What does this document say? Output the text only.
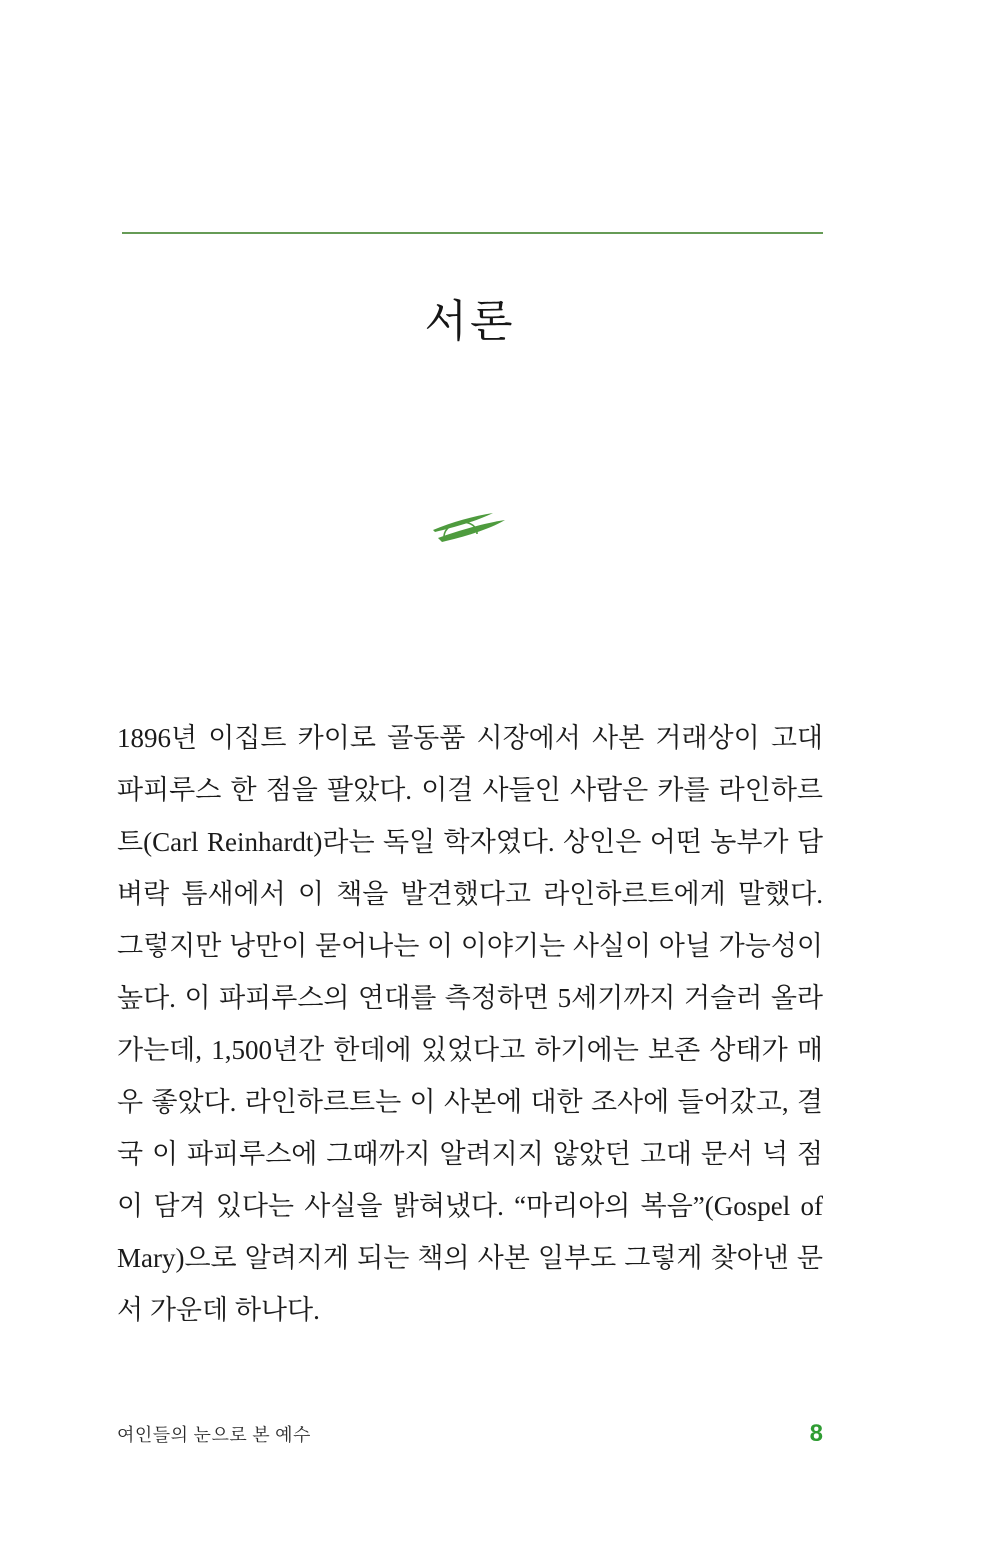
서론

1896년 이집트 카이로 골동품 시장에서 사본 거래상이 고대 파피루스 한 점을 팔았다. 이걸 사들인 사람은 카를 라인하르트(Carl Reinhardt)라는 독일 학자였다. 상인은 어떤 농부가 담벼락 틈새에서 이 책을 발견했다고 라인하르트에게 말했다. 그렇지만 낭만이 묻어나는 이 이야기는 사실이 아닐 가능성이 높다. 이 파피루스의 연대를 측정하면 5세기까지 거슬러 올라가는데, 1,500년간 한데에 있었다고 하기에는 보존 상태가 매우 좋았다. 라인하르트는 이 사본에 대한 조사에 들어갔고, 결국 이 파피루스에 그때까지 알려지지 않았던 고대 문서 넉 점이 담겨 있다는 사실을 밝혀냈다. “마리아의 복음”(Gospel of Mary)으로 알려지게 되는 책의 사본 일부도 그렇게 찾아낸 문서 가운데 하나다.

여인들의 눈으로 본 예수	8
